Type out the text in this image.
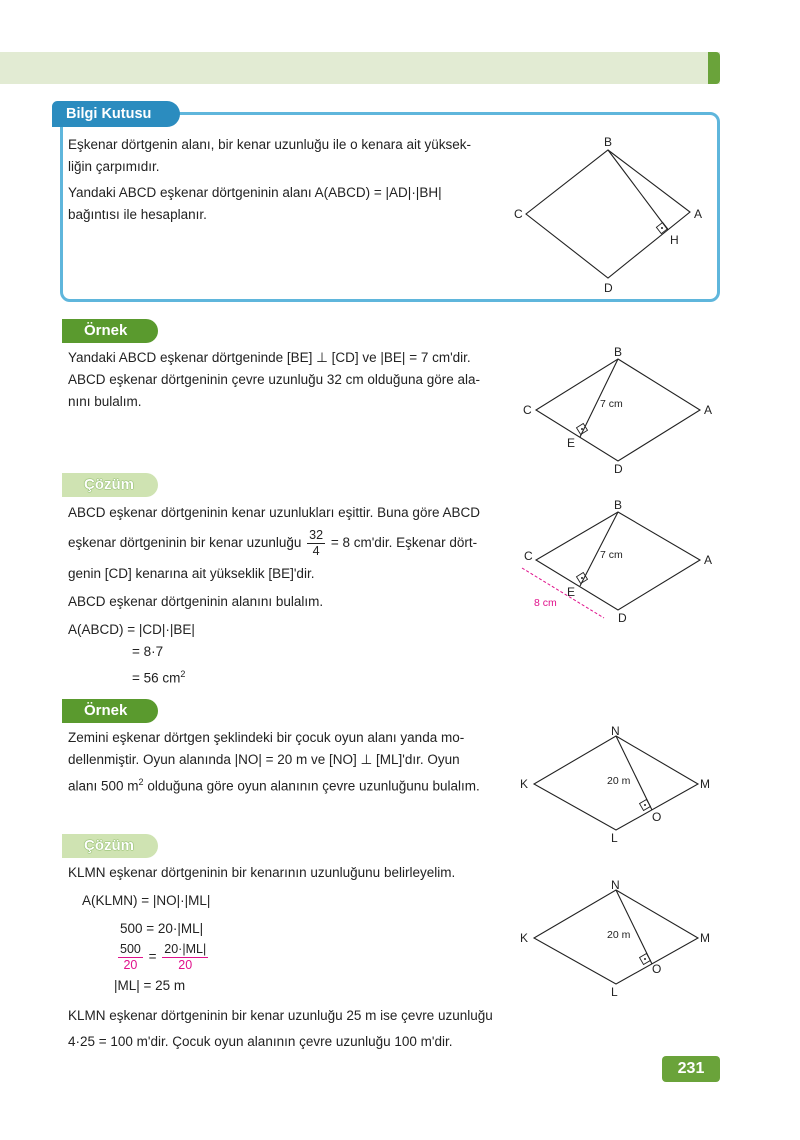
Bilgi Kutusu
Eşkenar dörtgenin alanı, bir kenar uzunluğu ile o kenara ait yüksek-
liğin çarpımıdır.
Yandaki ABCD eşkenar dörtgeninin alanı A(ABCD) = |AD|·|BH|
bağıntısı ile hesaplanır.
B
C	A
D
H
Örnek
Yandaki ABCD eşkenar dörtgeninde [BE] ⊥ [CD] ve |BE| = 7 cm'dir.
ABCD eşkenar dörtgeninin çevre uzunluğu 32 cm olduğuna göre ala-
nını bulalım.
B
C	A
D
E
7 cm
Çözüm
ABCD eşkenar dörtgeninin kenar uzunlukları eşittir. Buna göre ABCD
eşkenar dörtgeninin bir kenar uzunluğu $\frac{32}{4} = 8$ cm'dir. Eşkenar dört-
genin [CD] kenarına ait yükseklik [BE]'dir.
ABCD eşkenar dörtgeninin alanını bulalım.
A(ABCD) = |CD|·|BE|
= 8·7
= 56 $cm^2$
B
C	A
D
E
7 cm
8 cm
Örnek
Zemini eşkenar dörtgen şeklindeki bir çocuk oyun alanı yanda mo-
dellenmiştir. Oyun alanında |NO| = 20 m ve [NO] ⊥ [ML]'dır. Oyun
alanı 500 $m^2$ olduğuna göre oyun alanının çevre uzunluğunu bulalım.
N
K	M
L
O
20 m
Çözüm
KLMN eşkenar dörtgeninin bir kenarının uzunluğunu belirleyelim.
A(KLMN) = |NO|·|ML|
500 = 20·|ML|
$\frac{500}{20} = \frac{20\cdot|ML|}{20}$
|ML| = 25 m
KLMN eşkenar dörtgeninin bir kenar uzunluğu 25 m ise çevre uzunluğu
4·25 = 100 m'dir. Çocuk oyun alanının çevre uzunluğu 100 m'dir.
N
K	M
L
O
20 m
231
